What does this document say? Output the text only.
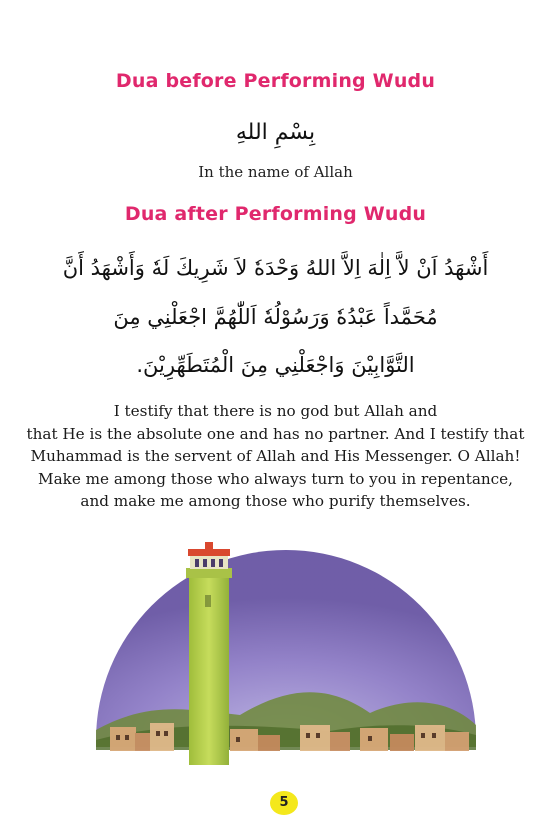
Dua before Performing Wudu
بِسْمِ اللهِ
In the name of Allah
Dua after Performing Wudu
أَشْهَدُ اَنْ لاَّ اِلٰهَ اِلاَّ اللهُ وَحْدَهٗ لاَ شَرِيكَ لَهٗ وَأَشْهَدُ أَنَّ
مُحَمَّداً عَبْدُهٗ وَرَسُوْلُهٗ اَللّٰهُمَّ اجْعَلْنِي مِنَ
التَّوَّابِيْنَ وَاجْعَلْنِي مِنَ الْمُتَطَهِّرِيْنَ.
I testify that there is no god but Allah and
that He is the absolute one and has no partner. And I testify that
Muhammad is the servent of Allah and His Messenger. O Allah!
Make me among those who always turn to you in repentance,
and make me among those who purify themselves.
5
